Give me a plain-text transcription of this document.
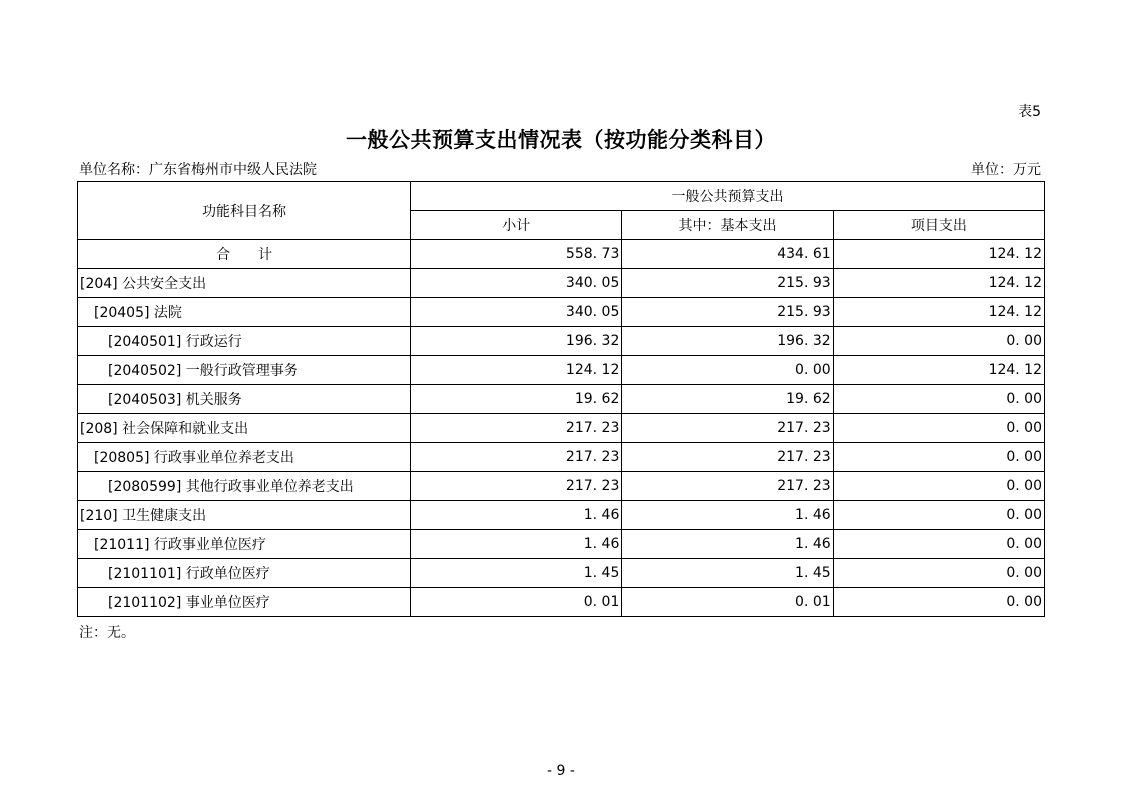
表5
一般公共预算支出情况表（按功能分类科目）
单位名称：广东省梅州市中级人民法院	单位：万元
功能科目名称	一般公共预算支出		
	小计	其中：基本支出	项目支出
合　　计	558. 73	434. 61	124. 12
[204] 公共安全支出	340. 05	215. 93	124. 12
[20405] 法院	340. 05	215. 93	124. 12
[2040501] 行政运行	196. 32	196. 32	0. 00
[2040502] 一般行政管理事务	124. 12	0. 00	124. 12
[2040503] 机关服务	19. 62	19. 62	0. 00
[208] 社会保障和就业支出	217. 23	217. 23	0. 00
[20805] 行政事业单位养老支出	217. 23	217. 23	0. 00
[2080599] 其他行政事业单位养老支出	217. 23	217. 23	0. 00
[210] 卫生健康支出	1. 46	1. 46	0. 00
[21011] 行政事业单位医疗	1. 46	1. 46	0. 00
[2101101] 行政单位医疗	1. 45	1. 45	0. 00
[2101102] 事业单位医疗	0. 01	0. 01	0. 00
注：无。
- 9 -
